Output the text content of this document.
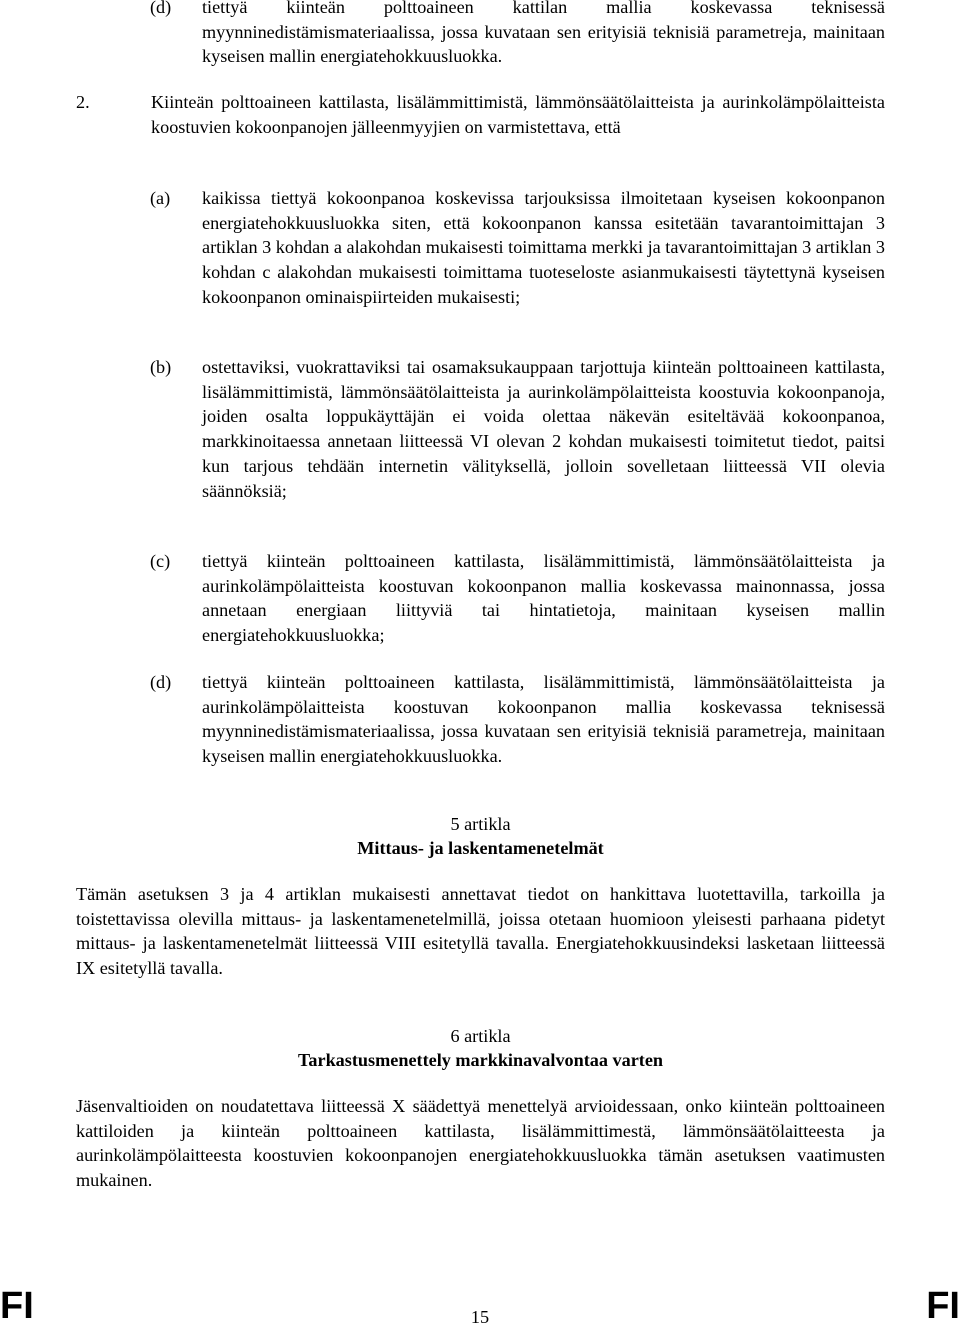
(d) tiettyä kiinteän polttoaineen kattilan mallia koskevassa teknisessä myynninedistämismateriaalissa, jossa kuvataan sen erityisiä teknisiä parametreja, mainitaan kyseisen mallin energiatehokkuusluokka.
2.	Kiinteän polttoaineen kattilasta, lisälämmittimistä, lämmönsäätölaitteista ja aurinkolämpölaitteista koostuvien kokoonpanojen jälleenmyyjien on varmistettava, että
(a) kaikissa tiettyä kokoonpanoa koskevissa tarjouksissa ilmoitetaan kyseisen kokoonpanon energiatehokkuusluokka siten, että kokoonpanon kanssa esitetään tavarantoimittajan 3 artiklan 3 kohdan a alakohdan mukaisesti toimittama merkki ja tavarantoimittajan 3 artiklan 3 kohdan c alakohdan mukaisesti toimittama tuoteseloste asianmukaisesti täytettynä kyseisen kokoonpanon ominaispiirteiden mukaisesti;
(b) ostettaviksi, vuokrattaviksi tai osamaksukauppaan tarjottuja kiinteän polttoaineen kattilasta, lisälämmittimistä, lämmönsäätölaitteista ja aurinkolämpölaitteista koostuvia kokoonpanoja, joiden osalta loppukäyttäjän ei voida olettaa näkevän esiteltävää kokoonpanoa, markkinoitaessa annetaan liitteessä VI olevan 2 kohdan mukaisesti toimitetut tiedot, paitsi kun tarjous tehdään internetin välityksellä, jolloin sovelletaan liitteessä VII olevia säännöksiä;
(c) tiettyä kiinteän polttoaineen kattilasta, lisälämmittimistä, lämmönsäätölaitteista ja aurinkolämpölaitteista koostuvan kokoonpanon mallia koskevassa mainonnassa, jossa annetaan energiaan liittyviä tai hintatietoja, mainitaan kyseisen mallin energiatehokkuusluokka;
(d) tiettyä kiinteän polttoaineen kattilasta, lisälämmittimistä, lämmönsäätölaitteista ja aurinkolämpölaitteista koostuvan kokoonpanon mallia koskevassa teknisessä myynninedistämismateriaalissa, jossa kuvataan sen erityisiä teknisiä parametreja, mainitaan kyseisen mallin energiatehokkuusluokka.
5 artikla
Mittaus- ja laskentamenetelmät
Tämän asetuksen 3 ja 4 artiklan mukaisesti annettavat tiedot on hankittava luotettavilla, tarkoilla ja toistettavissa olevilla mittaus- ja laskentamenetelmillä, joissa otetaan huomioon yleisesti parhaana pidetyt mittaus- ja laskentamenetelmät liitteessä VIII esitetyllä tavalla. Energiatehokkuusindeksi lasketaan liitteessä IX esitetyllä tavalla.
6 artikla
Tarkastusmenettely markkinavalvontaa varten
Jäsenvaltioiden on noudatettava liitteessä X säädettyä menettelyä arvioidessaan, onko kiinteän polttoaineen kattiloiden ja kiinteän polttoaineen kattilasta, lisälämmittimestä, lämmönsäätölaitteesta ja aurinkolämpölaitteesta koostuvien kokoonpanojen energiatehokkuusluokka tämän asetuksen vaatimusten mukainen.
FI	15	FI
